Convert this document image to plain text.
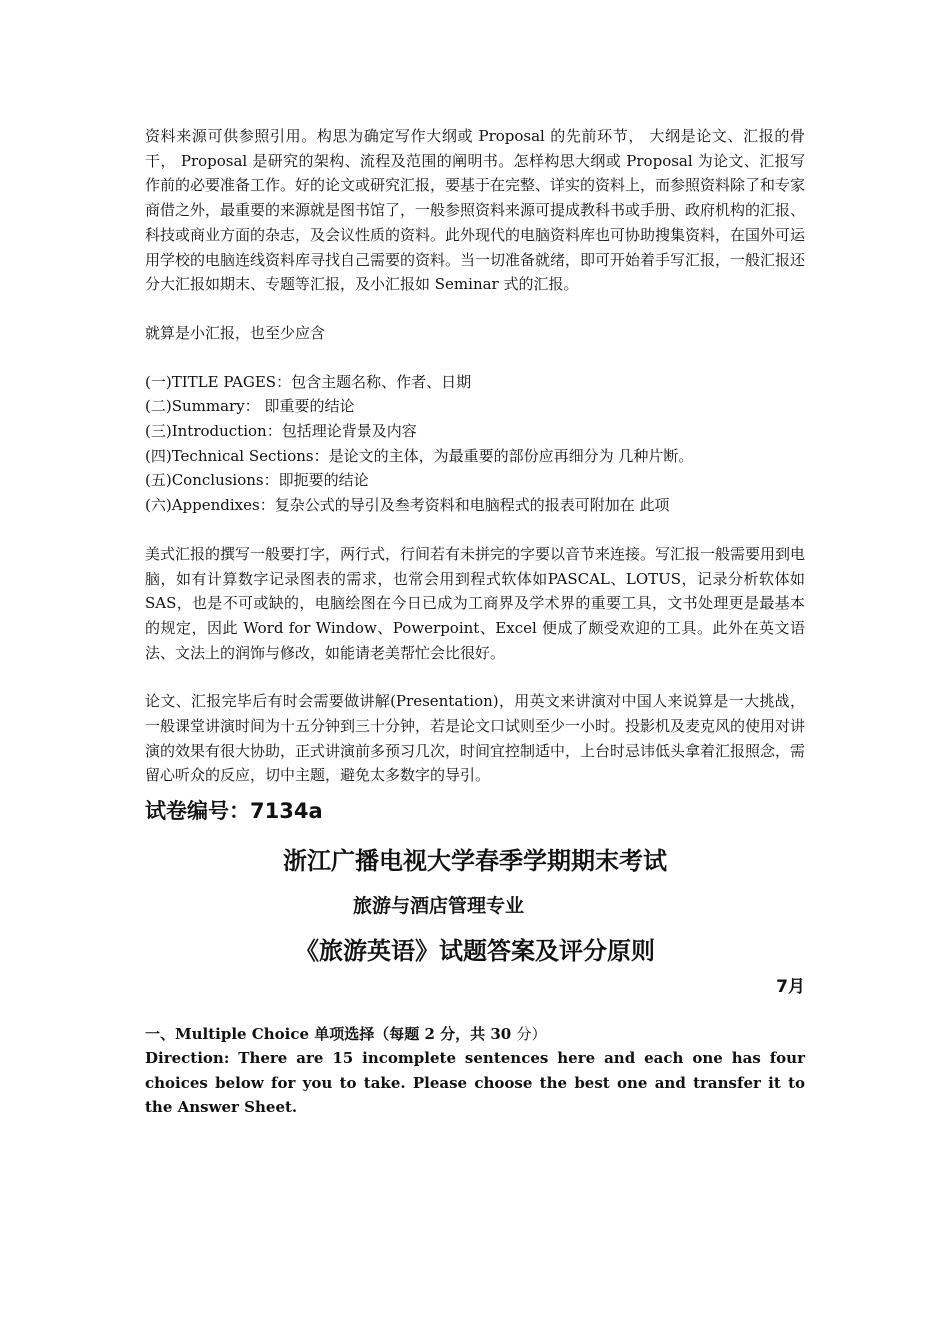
资料来源可供参照引用。构思为确定写作大纲或 Proposal 的先前环节， 大纲是论文、汇报的骨干， Proposal 是研究的架构、流程及范围的阐明书。怎样构思大纲或 Proposal 为论文、汇报写作前的必要准备工作。好的论文或研究汇报，要基于在完整、详实的资料上，而参照资料除了和专家商借之外，最重要的来源就是图书馆了，一般参照资料来源可提成教科书或手册、政府机构的汇报、科技或商业方面的杂志，及会议性质的资料。此外现代的电脑资料库也可协助搜集资料，在国外可运用学校的电脑连线资料库寻找自己需要的资料。当一切准备就绪，即可开始着手写汇报，一般汇报还分大汇报如期末、专题等汇报，及小汇报如 Seminar 式的汇报。

就算是小汇报，也至少应含

(一)TITLE PAGES：包含主题名称、作者、日期

(二)Summary： 即重要的结论

(三)Introduction：包括理论背景及内容

(四)Technical Sections：是论文的主体，为最重要的部份应再细分为 几种片断。

(五)Conclusions：即扼要的结论

(六)Appendixes：复杂公式的导引及叁考资料和电脑程式的报表可附加在 此项

美式汇报的撰写一般要打字，两行式，行间若有未拼完的字要以音节来连接。写汇报一般需要用到电脑，如有计算数字记录图表的需求，也常会用到程式软体如PASCAL、LOTUS，记录分析软体如 SAS，也是不可或缺的，电脑绘图在今日已成为工商界及学术界的重要工具，文书处理更是最基本的规定，因此 Word for Window、Powerpoint、Excel 便成了颇受欢迎的工具。此外在英文语法、文法上的润饰与修改，如能请老美帮忙会比很好。

论文、汇报完毕后有时会需要做讲解(Presentation)，用英文来讲演对中国人来说算是一大挑战，一般课堂讲演时间为十五分钟到三十分钟，若是论文口试则至少一小时。投影机及麦克风的使用对讲演的效果有很大协助，正式讲演前多预习几次，时间宜控制适中，上台时忌讳低头拿着汇报照念，需留心听众的反应，切中主题，避免太多数字的导引。

试卷编号：7134a
浙江广播电视大学春季学期期末考试
旅游与酒店管理专业
《旅游英语》试题答案及评分原则
7月
一、Multiple Choice 单项选择（每题 2 分，共 30 分）

Direction: There are 15 incomplete sentences here and each one has four choices below for you to take. Please choose the best one and transfer it to the Answer Sheet.
